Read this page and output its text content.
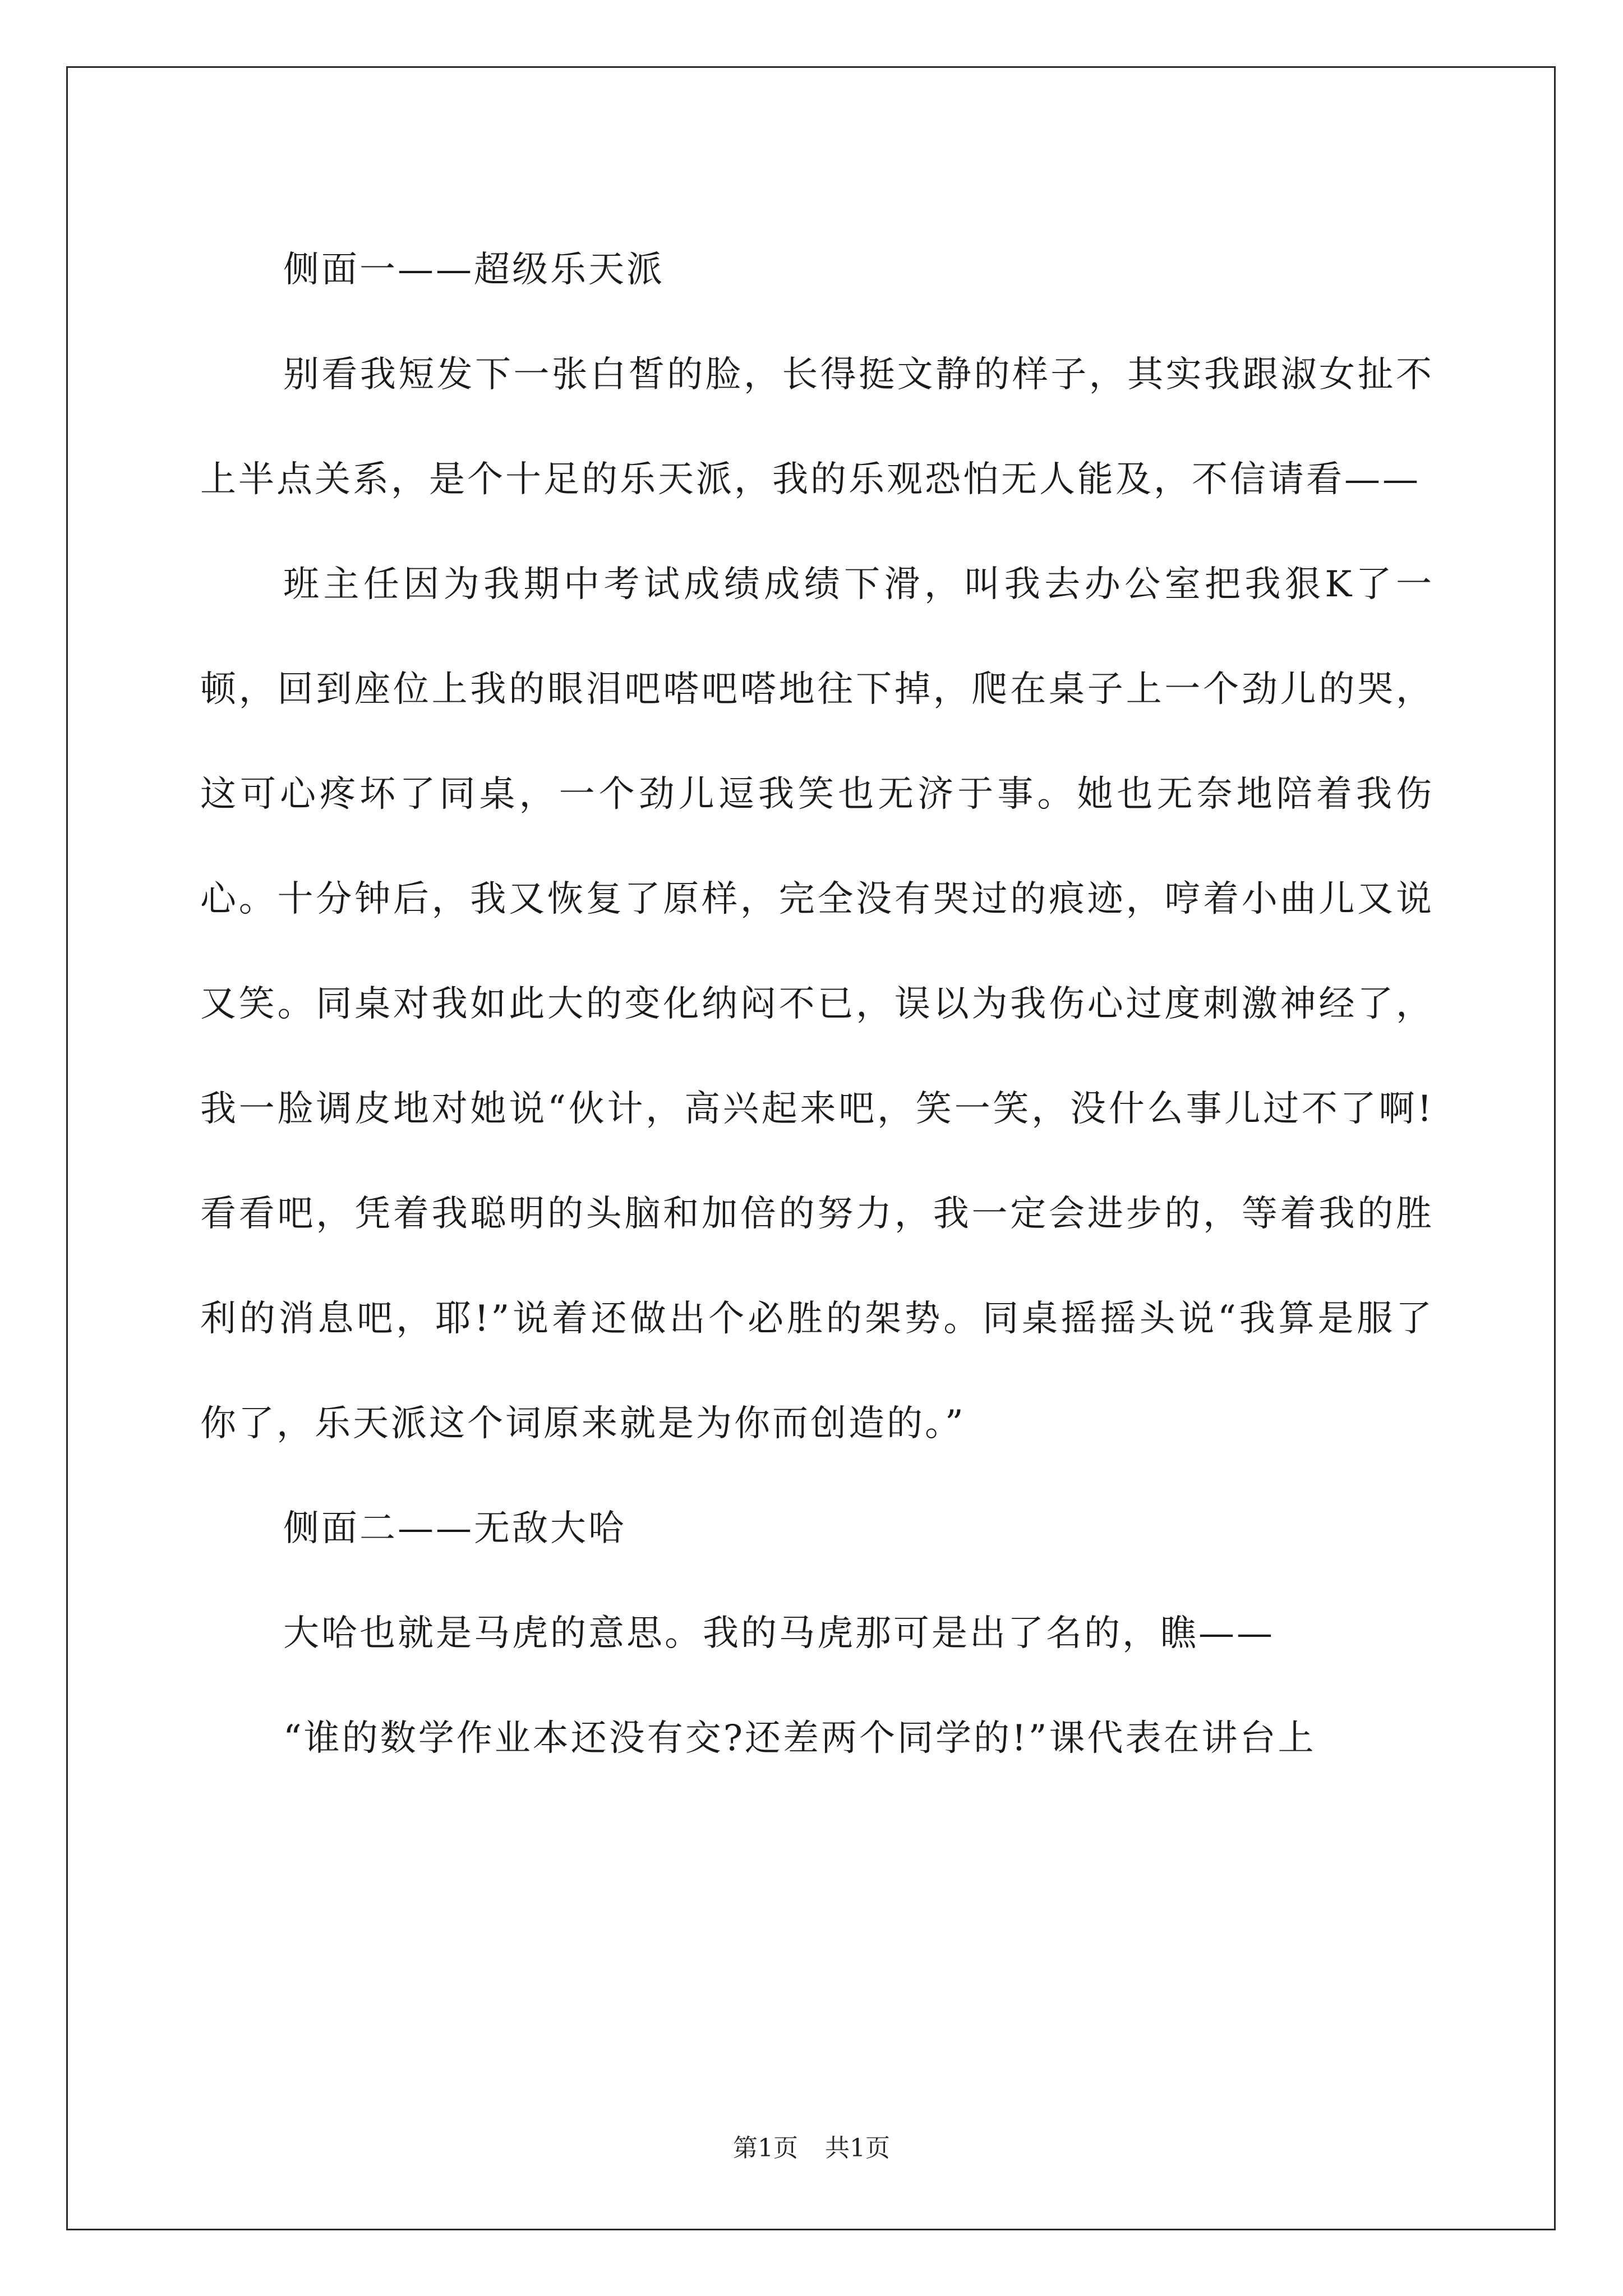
侧面一——超级乐天派

别看我短发下一张白皙的脸，长得挺文静的样子，其实我跟淑女扯不上半点关系，是个十足的乐天派，我的乐观恐怕无人能及，不信请看——

班主任因为我期中考试成绩成绩下滑，叫我去办公室把我狠K了一顿，回到座位上我的眼泪吧嗒吧嗒地往下掉，爬在桌子上一个劲儿的哭，这可心疼坏了同桌，一个劲儿逗我笑也无济于事。她也无奈地陪着我伤心。十分钟后，我又恢复了原样，完全没有哭过的痕迹，哼着小曲儿又说又笑。同桌对我如此大的变化纳闷不已，误以为我伤心过度刺激神经了，我一脸调皮地对她说“伙计，高兴起来吧，笑一笑，没什么事儿过不了啊!看看吧，凭着我聪明的头脑和加倍的努力，我一定会进步的，等着我的胜利的消息吧，耶!”说着还做出个必胜的架势。同桌摇摇头说“我算是服了你了，乐天派这个词原来就是为你而创造的。”

侧面二——无敌大哈

大哈也就是马虎的意思。我的马虎那可是出了名的，瞧——

“谁的数学作业本还没有交?还差两个同学的!”课代表在讲台上

第1页 共1页
